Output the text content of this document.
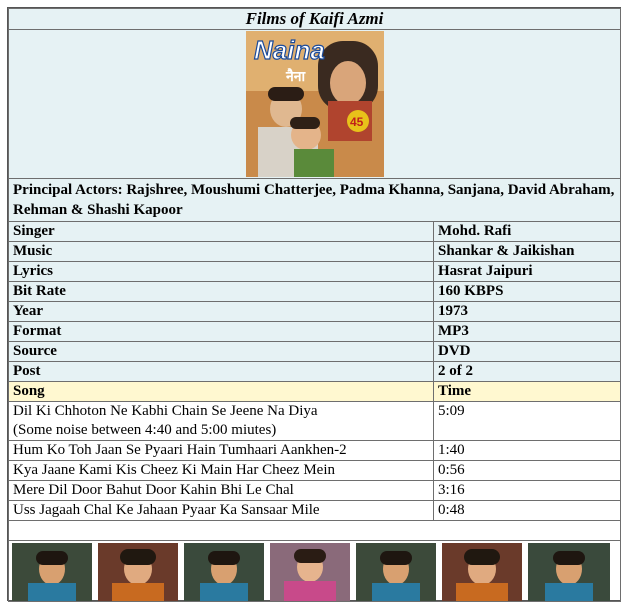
Films of Kaifi Azmi	

Naina
नैना
45	

Principal Actors: Rajshree, Moushumi Chatterjee, Padma Khanna, Sanjana, David Abraham, Rehman & Shashi Kapoor	
Singer	Mohd. Rafi
Music	Shankar & Jaikishan
Lyrics	Hasrat Jaipuri
Bit Rate	160 KBPS
Year	1973
Format	MP3
Source	DVD
Post	2 of 2
Song	Time
Dil Ki Chhoton Ne Kabhi Chain Se Jeene Na Diya
(Some noise between 4:40 and 5:00 miutes)	5:09
Hum Ko Toh Jaan Se Pyaari Hain Tumhaari Aankhen-2	1:40
Kya Jaane Kami Kis Cheez Ki Main Har Cheez Mein	0:56
Mere Dil Door Bahut Door Kahin Bhi Le Chal	3:16
Uss Jagaah Chal Ke Jahaan Pyaar Ka Sansaar Mile	0:48
